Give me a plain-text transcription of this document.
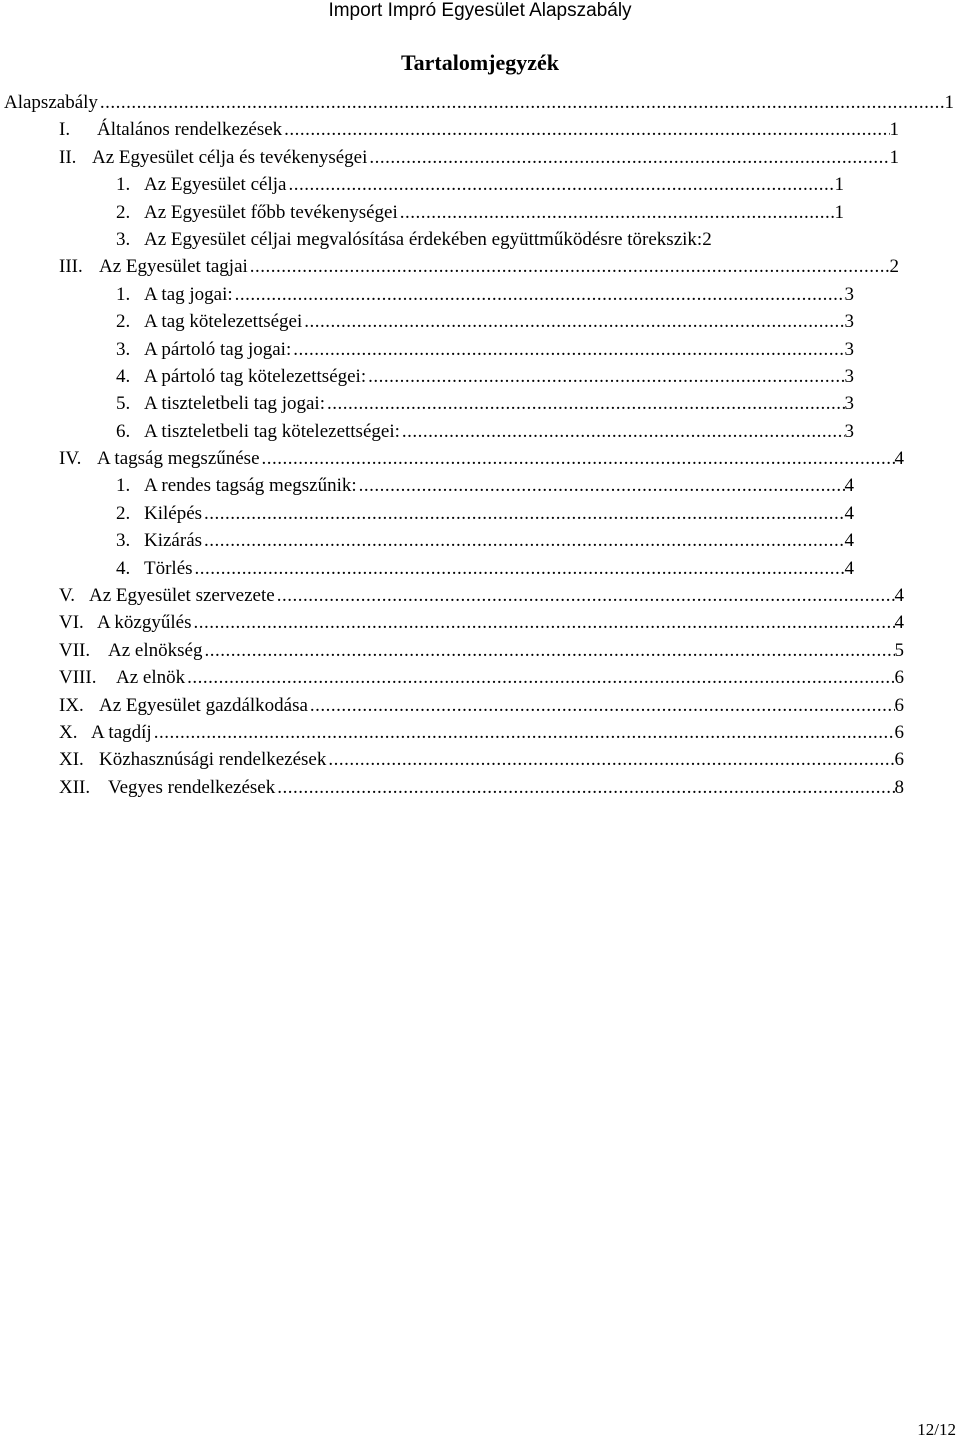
Import Impró Egyesület Alapszabály
Tartalomjegyzék
Alapszabály .....	1
I.	Általános rendelkezések .....	1
II. Az Egyesület célja és tevékenységei .....	1
1. Az Egyesület célja .....	1
2. Az Egyesület főbb tevékenységei .....	1
3. Az Egyesület céljai megvalósítása érdekében együttműködésre törekszik: 2
III. Az Egyesület tagjai .....	2
1. A tag jogai: .....	3
2. A tag kötelezettségei .....	3
3. A pártoló tag jogai: .....	3
4. A pártoló tag kötelezettségei: .....	3
5. A tiszteletbeli tag jogai: .....	3
6. A tiszteletbeli tag kötelezettségei: .....	3
IV. A tagság megszűnése .....	4
1. A rendes tagság megszűnik: .....	4
2. Kilépés .....	4
3. Kizárás .....	4
4. Törlés .....	4
V. Az Egyesület szervezete .....	4
VI. A közgyűlés .....	4
VII. Az elnökség .....	5
VIII.	Az elnök .....	6
IX. Az Egyesület gazdálkodása .....	6
X. A tagdíj .....	6
XI. Közhasznúsági rendelkezések .....	6
XII. Vegyes rendelkezések .....	8
12/12
